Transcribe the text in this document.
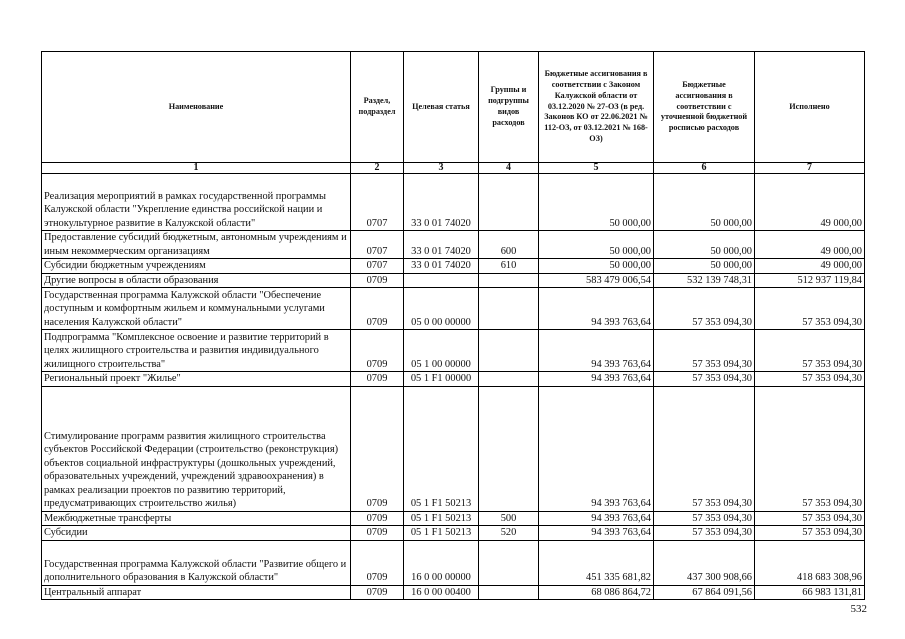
Наименование	Раздел, подраздел	Целевая статья	Группы и подгруппы видов расходов	Бюджетные ассигнования в соответствии с Законом Калужской области от 03.12.2020 № 27-ОЗ (в ред. Законов КО от 22.06.2021 № 112-ОЗ, от 03.12.2021 № 168-ОЗ)	Бюджетные ассигнования в соответствии с уточненной бюджетной росписью расходов	Исполнено
1	2	3	4	5	6	7
Реализация мероприятий в рамках государственной программы Калужской области "Укрепление единства российской нации и этнокультурное развитие в Калужской области"	0707	33 0 01 74020		50 000,00	50 000,00	49 000,00
Предоставление субсидий бюджетным, автономным учреждениям и иным некоммерческим организациям	0707	33 0 01 74020	600	50 000,00	50 000,00	49 000,00
Субсидии бюджетным учреждениям	0707	33 0 01 74020	610	50 000,00	50 000,00	49 000,00
Другие вопросы в области образования	0709			583 479 006,54	532 139 748,31	512 937 119,84
Государственная программа Калужской области "Обеспечение доступным и комфортным жильем и коммунальными услугами населения Калужской области"	0709	05 0 00 00000		94 393 763,64	57 353 094,30	57 353 094,30
Подпрограмма "Комплексное освоение и развитие территорий в целях жилищного строительства и развития индивидуального жилищного строительства"	0709	05 1 00 00000		94 393 763,64	57 353 094,30	57 353 094,30
Региональный проект "Жилье"	0709	05 1 F1 00000		94 393 763,64	57 353 094,30	57 353 094,30
Стимулирование программ развития жилищного строительства субъектов Российской Федерации (строительство (реконструкция) объектов социальной инфраструктуры (дошкольных учреждений, образовательных учреждений, учреждений здравоохранения) в рамках реализации проектов по развитию территорий, предусматривающих строительство жилья)	0709	05 1 F1 50213		94 393 763,64	57 353 094,30	57 353 094,30
Межбюджетные трансферты	0709	05 1 F1 50213	500	94 393 763,64	57 353 094,30	57 353 094,30
Субсидии	0709	05 1 F1 50213	520	94 393 763,64	57 353 094,30	57 353 094,30
Государственная программа Калужской области "Развитие общего и дополнительного образования в Калужской области"	0709	16 0 00 00000		451 335 681,82	437 300 908,66	418 683 308,96
Центральный аппарат	0709	16 0 00 00400		68 086 864,72	67 864 091,56	66 983 131,81
532
